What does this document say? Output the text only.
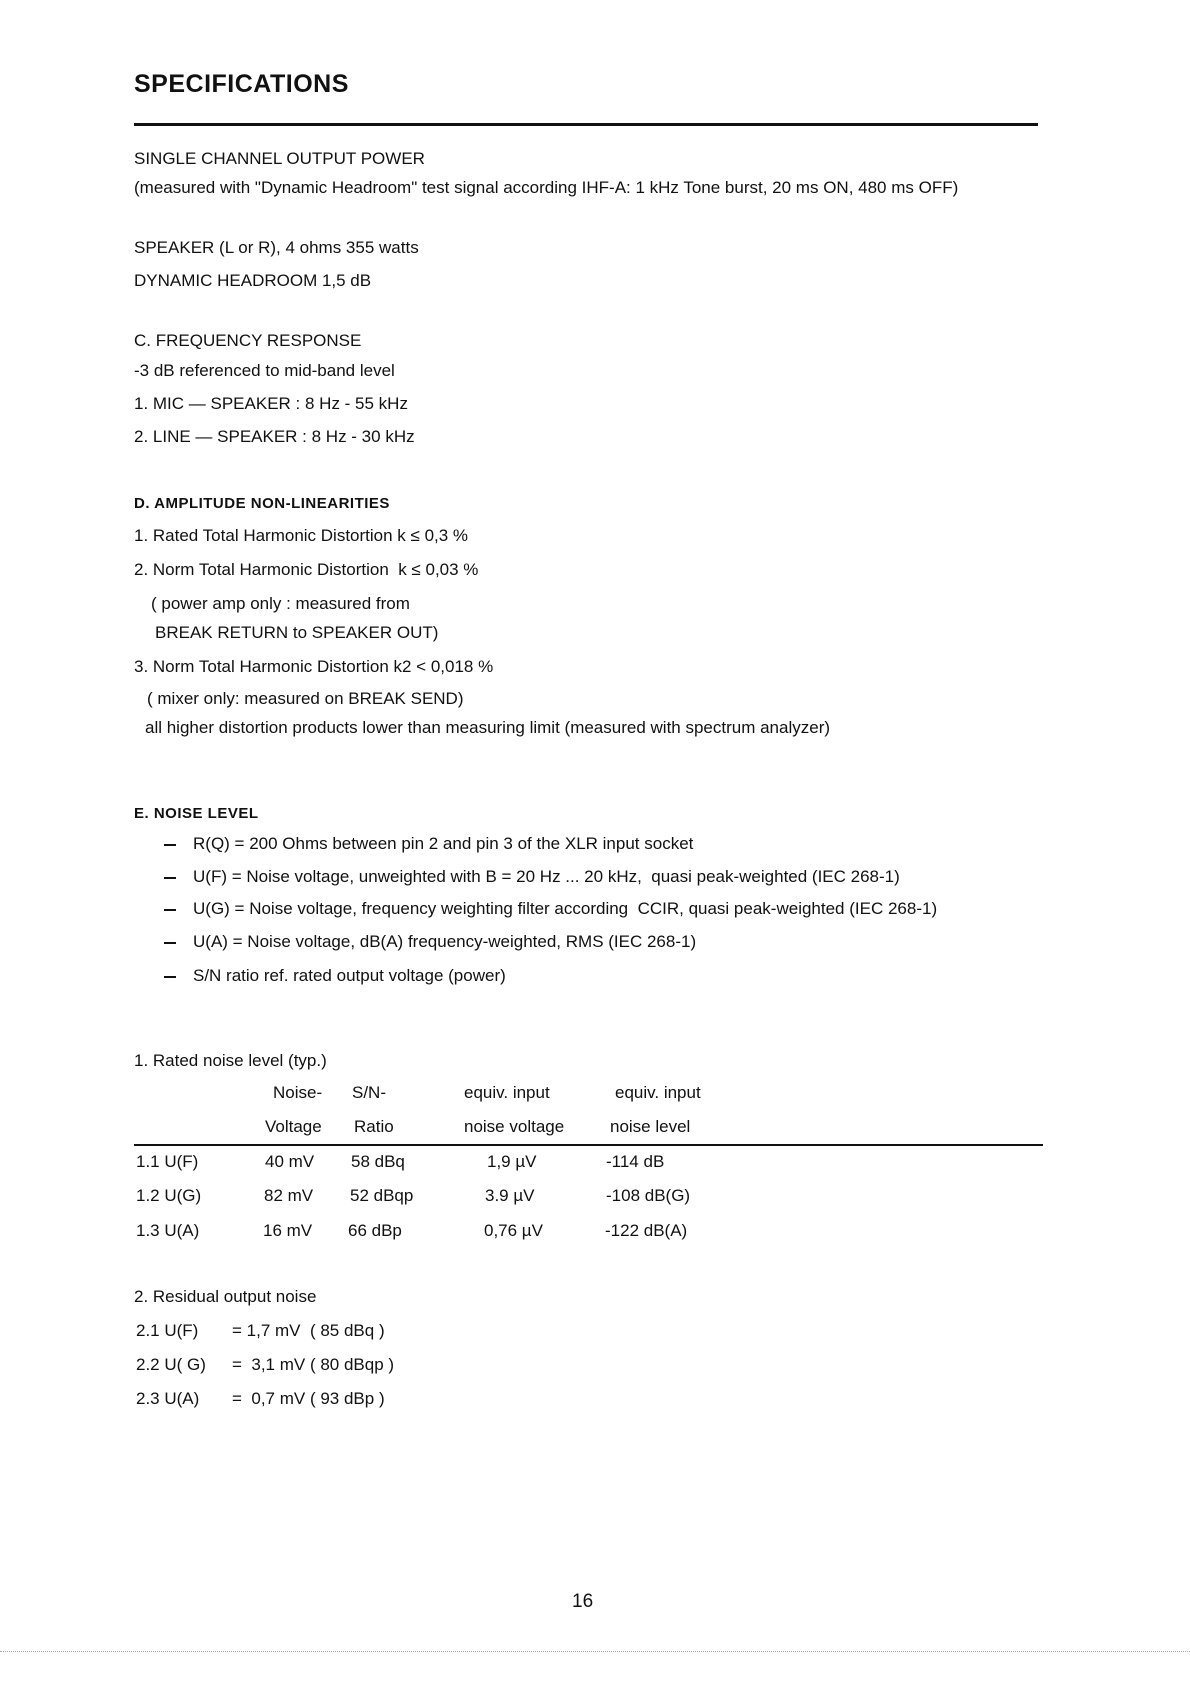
SPECIFICATIONS
SINGLE CHANNEL OUTPUT POWER
(measured with "Dynamic Headroom" test signal according IHF-A: 1 kHz Tone burst, 20 ms ON, 480 ms OFF)
SPEAKER (L or R), 4 ohms 355 watts
DYNAMIC HEADROOM 1,5 dB
C. FREQUENCY RESPONSE
-3 dB referenced to mid-band level
1. MIC — SPEAKER : 8 Hz - 55 kHz
2. LINE — SPEAKER : 8 Hz - 30 kHz
D. AMPLITUDE NON-LINEARITIES
1. Rated Total Harmonic Distortion k ≤ 0,3 %
2. Norm Total Harmonic Distortion  k ≤ 0,03 %
( power amp only : measured from
BREAK RETURN to SPEAKER OUT)
3. Norm Total Harmonic Distortion k2 < 0,018 %
( mixer only: measured on BREAK SEND)
all higher distortion products lower than measuring limit (measured with spectrum analyzer)
E. NOISE LEVEL
R(Q) = 200 Ohms between pin 2 and pin 3 of the XLR input socket
U(F) = Noise voltage, unweighted with B = 20 Hz ... 20 kHz,  quasi peak-weighted (IEC 268-1)
U(G) = Noise voltage, frequency weighting filter according  CCIR, quasi peak-weighted (IEC 268-1)
U(A) = Noise voltage, dB(A) frequency-weighted, RMS (IEC 268-1)
S/N ratio ref. rated output voltage (power)
1. Rated noise level (typ.)
Noise- S/N-	equiv. input	equiv. input
Voltage Ratio	noise voltage	noise level
1.1 U(F)	40 mV 58 dBq	1,9 µV	-114 dB
1.2 U(G)	82 mV 52 dBqp	3.9 µV	-108 dB(G)
1.3 U(A)	16 mV 66 dBp	0,76 µV	-122 dB(A)
2. Residual output noise
2.1 U(F) = 1,7 mV  ( 85 dBq )
2.2 U( G) =  3,1 mV ( 80 dBqp )
2.3 U(A) =  0,7 mV ( 93 dBp )
16
